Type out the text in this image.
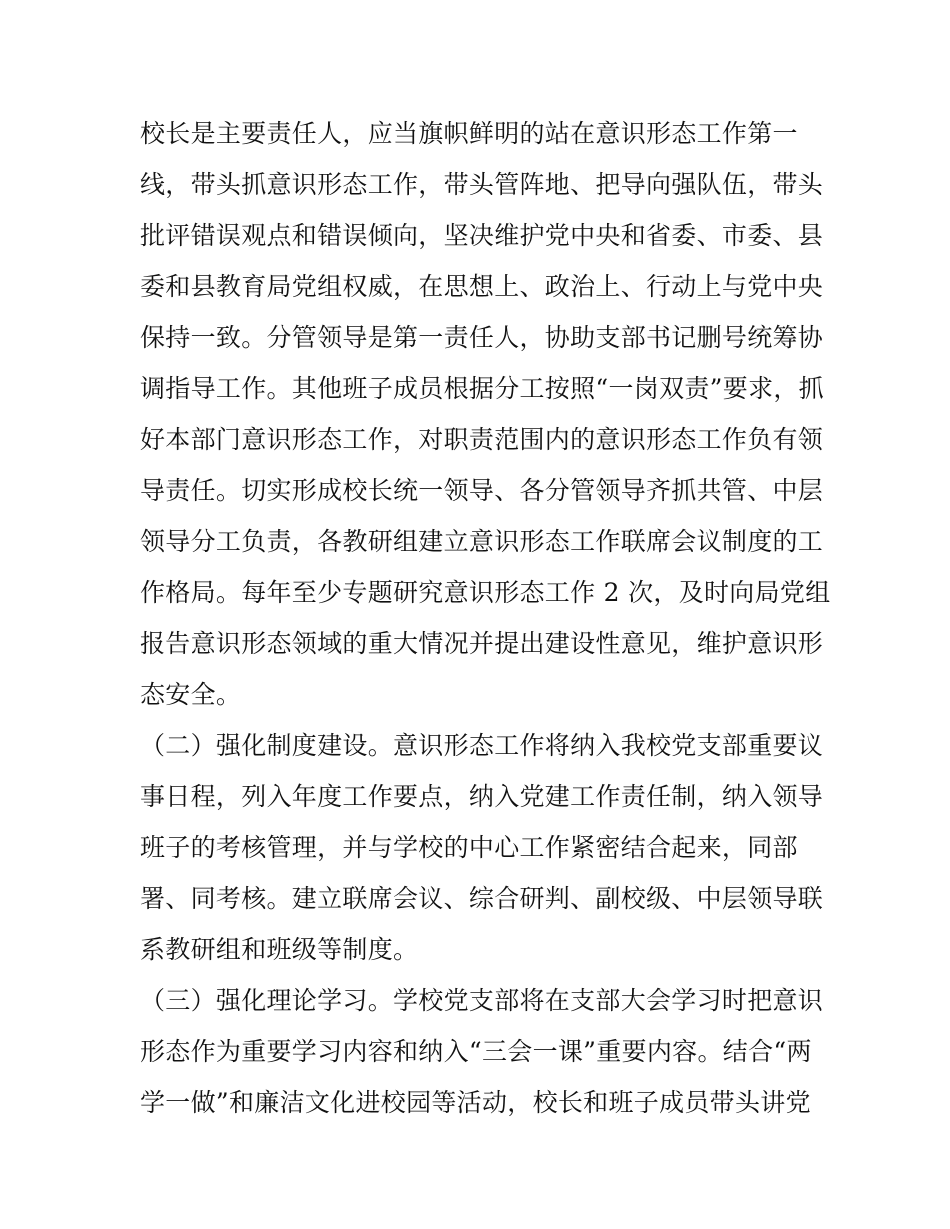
校长是主要责任人，应当旗帜鲜明的站在意识形态工作第一
线，带头抓意识形态工作，带头管阵地、把导向强队伍，带头
批评错误观点和错误倾向，坚决维护党中央和省委、市委、县
委和县教育局党组权威，在思想上、政治上、行动上与党中央
保持一致。分管领导是第一责任人，协助支部书记删号统筹协
调指导工作。其他班子成员根据分工按照“一岗双责”要求，抓
好本部门意识形态工作，对职责范围内的意识形态工作负有领
导责任。切实形成校长统一领导、各分管领导齐抓共管、中层
领导分工负责，各教研组建立意识形态工作联席会议制度的工
作格局。每年至少专题研究意识形态工作 2 次，及时向局党组
报告意识形态领域的重大情况并提出建设性意见，维护意识形
态安全。
（二）强化制度建设。意识形态工作将纳入我校党支部重要议
事日程，列入年度工作要点，纳入党建工作责任制，纳入领导
班子的考核管理，并与学校的中心工作紧密结合起来，同部
署、同考核。建立联席会议、综合研判、副校级、中层领导联
系教研组和班级等制度。
（三）强化理论学习。学校党支部将在支部大会学习时把意识
形态作为重要学习内容和纳入“三会一课”重要内容。结合“两
学一做”和廉洁文化进校园等活动，校长和班子成员带头讲党
